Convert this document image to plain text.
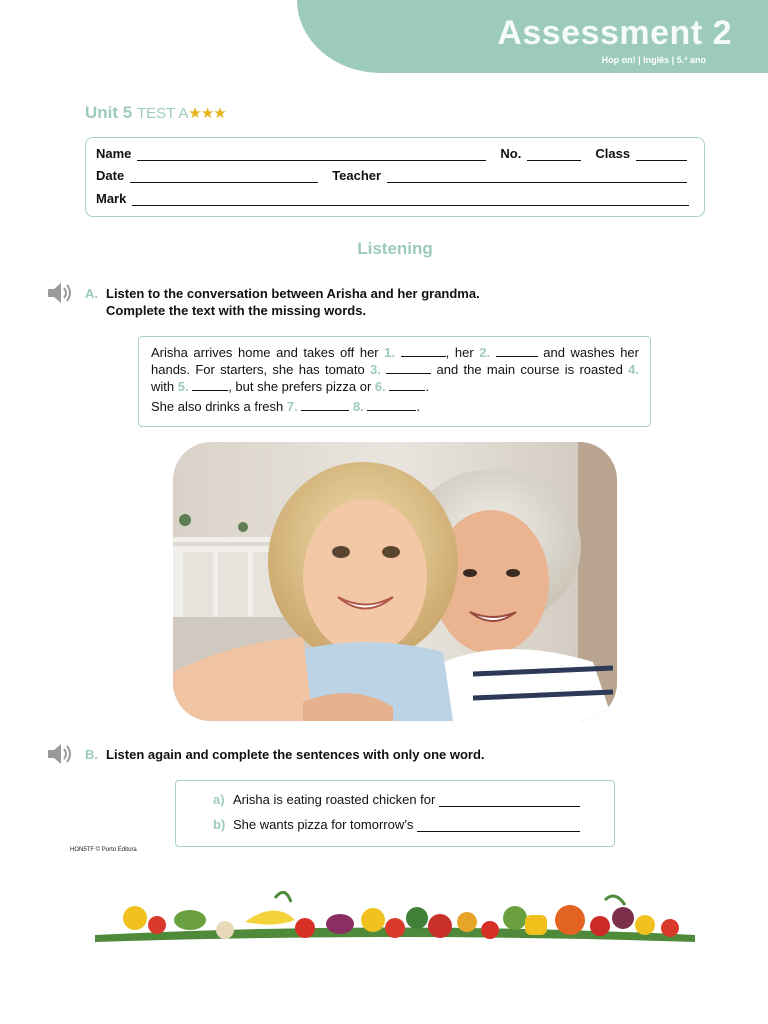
Assessment 2
Hop on! | Inglês | 5.º ano
Unit 5 TEST A★★★
Name	No.	Class
Date	Teacher
Mark
Listening
A. Listen to the conversation between Arisha and her grandma.
Complete the text with the missing words.
Arisha arrives home and takes off her 1.	, her 2.	and washes her hands. For starters, she has tomato 3.	and the main course is roasted 4. with 5.	, but she prefers pizza or 6.	.
She also drinks a fresh 7.	8.	.
B. Listen again and complete the sentences with only one word.
a) Arisha is eating roasted chicken for
b) She wants pizza for tomorrow’s
HON5TF © Porto Editora
